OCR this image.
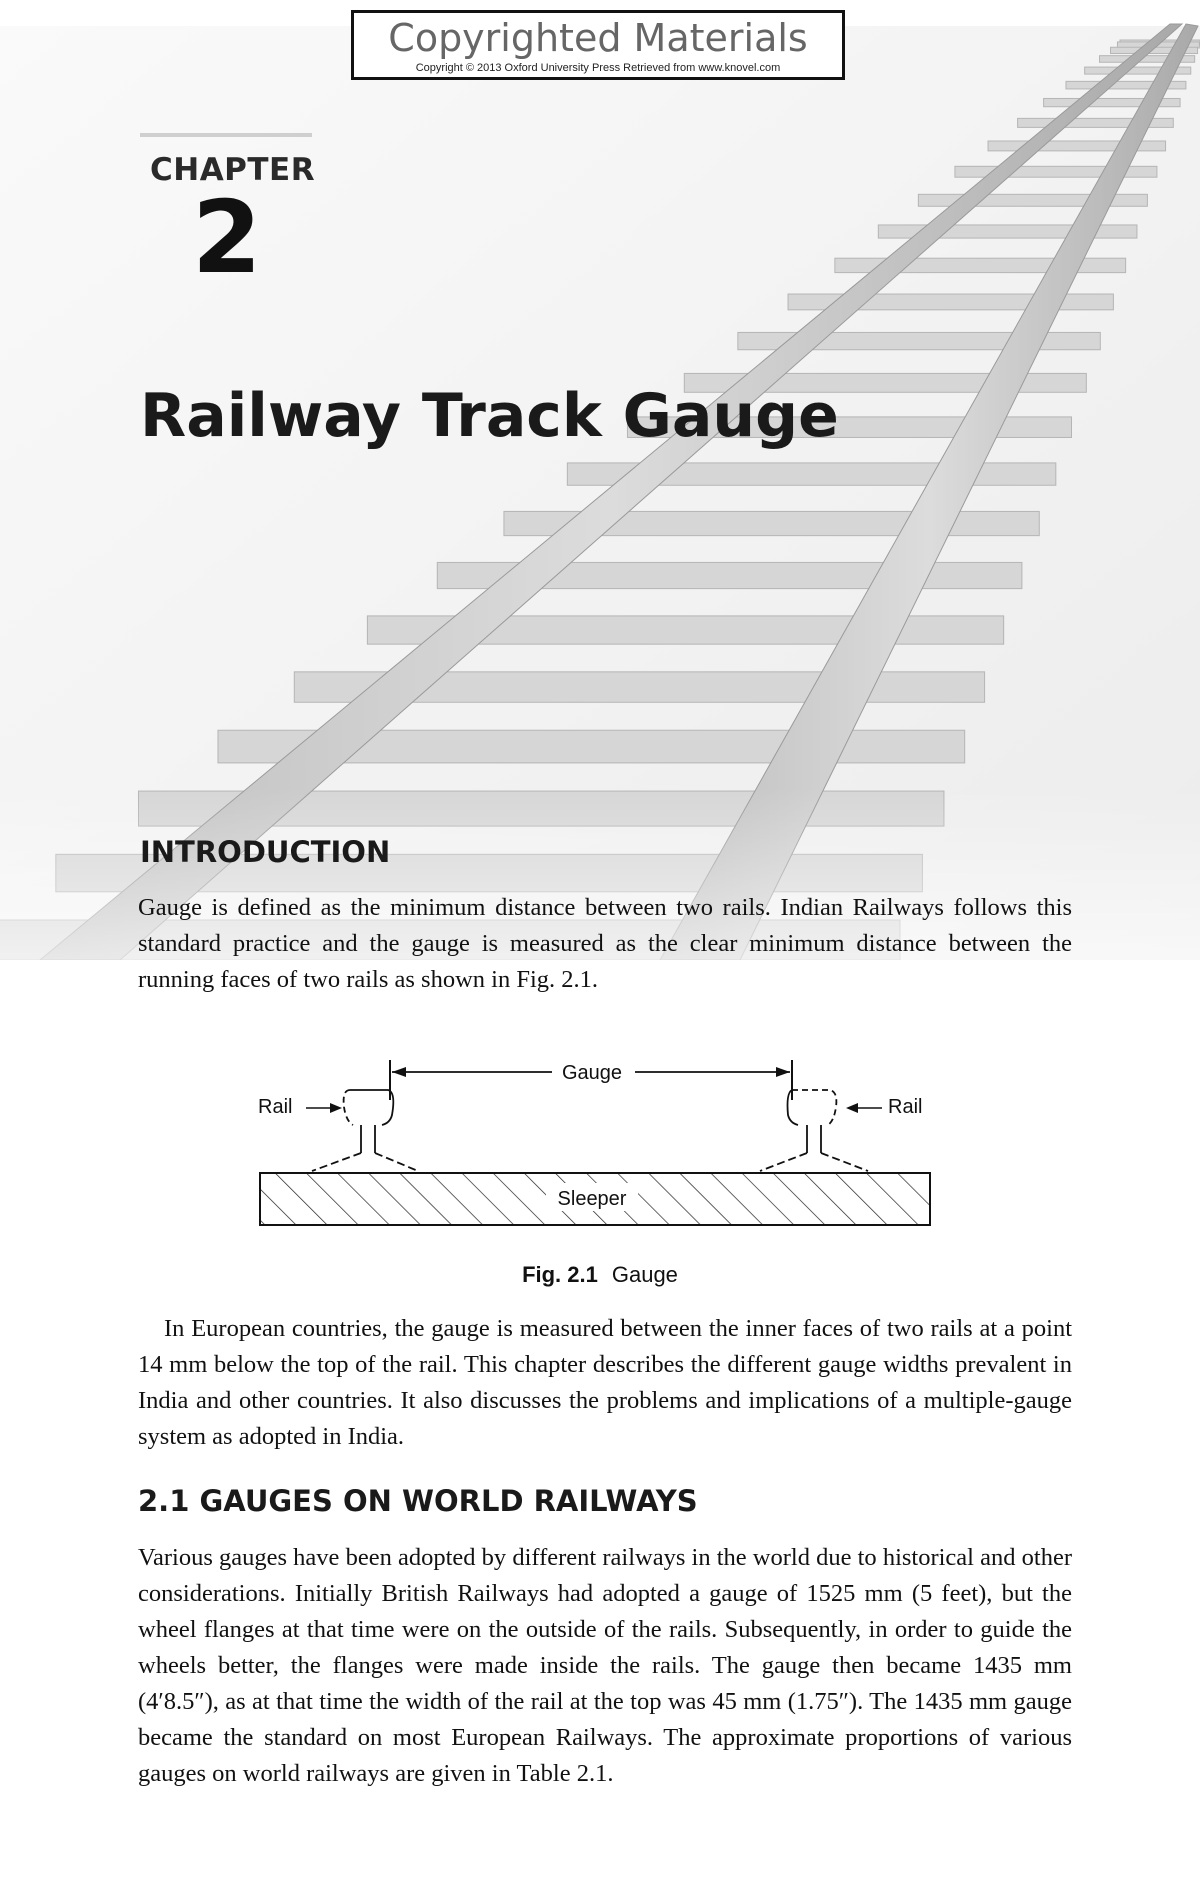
Copyrighted Materials
Copyright © 2013 Oxford University Press Retrieved from www.knovel.com
CHAPTER
2
Railway Track Gauge
INTRODUCTION

Gauge is defined as the minimum distance between two rails. Indian Railways follows this standard practice and the gauge is measured as the clear minimum distance between the running faces of two rails as shown in Fig. 2.1.

Gauge
Rail	Rail
Sleeper
Fig. 2.1 Gauge

In European countries, the gauge is measured between the inner faces of two rails at a point 14 mm below the top of the rail. This chapter describes the different gauge widths prevalent in India and other countries. It also discusses the problems and implications of a multiple-gauge system as adopted in India.

2.1 GAUGES ON WORLD RAILWAYS

Various gauges have been adopted by different railways in the world due to historical and other considerations. Initially British Railways had adopted a gauge of 1525 mm (5 feet), but the wheel flanges at that time were on the outside of the rails. Subsequently, in order to guide the wheels better, the flanges were made inside the rails. The gauge then became 1435 mm (4′8.5″), as at that time the width of the rail at the top was 45 mm (1.75″). The 1435 mm gauge became the standard on most European Railways. The approximate proportions of various gauges on world railways are given in Table 2.1.
